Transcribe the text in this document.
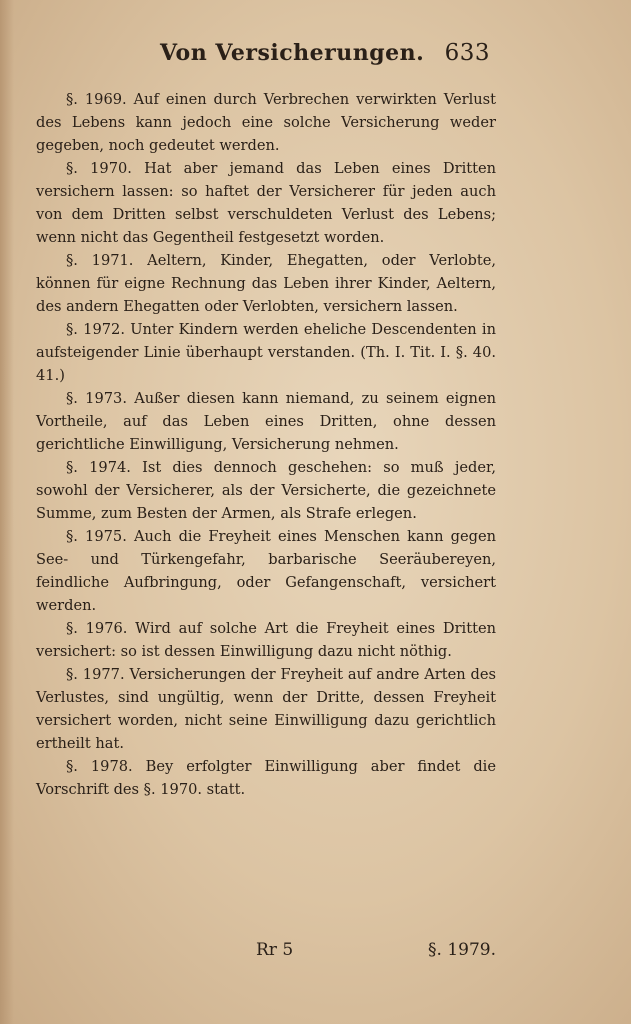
Von Versicherungen. 633

§. 1969. Auf einen durch Verbrechen verwirkten Verlust des Lebens kann jedoch eine solche Versicherung weder gegeben, noch gedeutet werden.

§. 1970. Hat aber jemand das Leben eines Dritten versichern lassen: so haftet der Versicherer für jeden auch von dem Dritten selbst verschuldeten Verlust des Lebens; wenn nicht das Gegentheil festgesetzt worden.

§. 1971. Aeltern, Kinder, Ehegatten, oder Verlobte, können für eigne Rechnung das Leben ihrer Kinder, Aeltern, des andern Ehegatten oder Verlobten, versichern lassen.

§. 1972. Unter Kindern werden eheliche Descendenten in aufsteigender Linie überhaupt verstanden. (Th. I. Tit. I. §. 40. 41.)

§. 1973. Außer diesen kann niemand, zu seinem eignen Vortheile, auf das Leben eines Dritten, ohne dessen gerichtliche Einwilligung, Versicherung nehmen.

§. 1974. Ist dies dennoch geschehen: so muß jeder, sowohl der Versicherer, als der Versicherte, die gezeichnete Summe, zum Besten der Armen, als Strafe erlegen.

§. 1975. Auch die Freyheit eines Menschen kann gegen See- und Türkengefahr, barbarische Seeräubereyen, feindliche Aufbringung, oder Gefangenschaft, versichert werden.

§. 1976. Wird auf solche Art die Freyheit eines Dritten versichert: so ist dessen Einwilligung dazu nicht nöthig.

§. 1977. Versicherungen der Freyheit auf andre Arten des Verlustes, sind ungültig, wenn der Dritte, dessen Freyheit versichert worden, nicht seine Einwilligung dazu gerichtlich ertheilt hat.

§. 1978. Bey erfolgter Einwilligung aber findet die Vorschrift des §. 1970. statt.

Rr 5	§. 1979.
